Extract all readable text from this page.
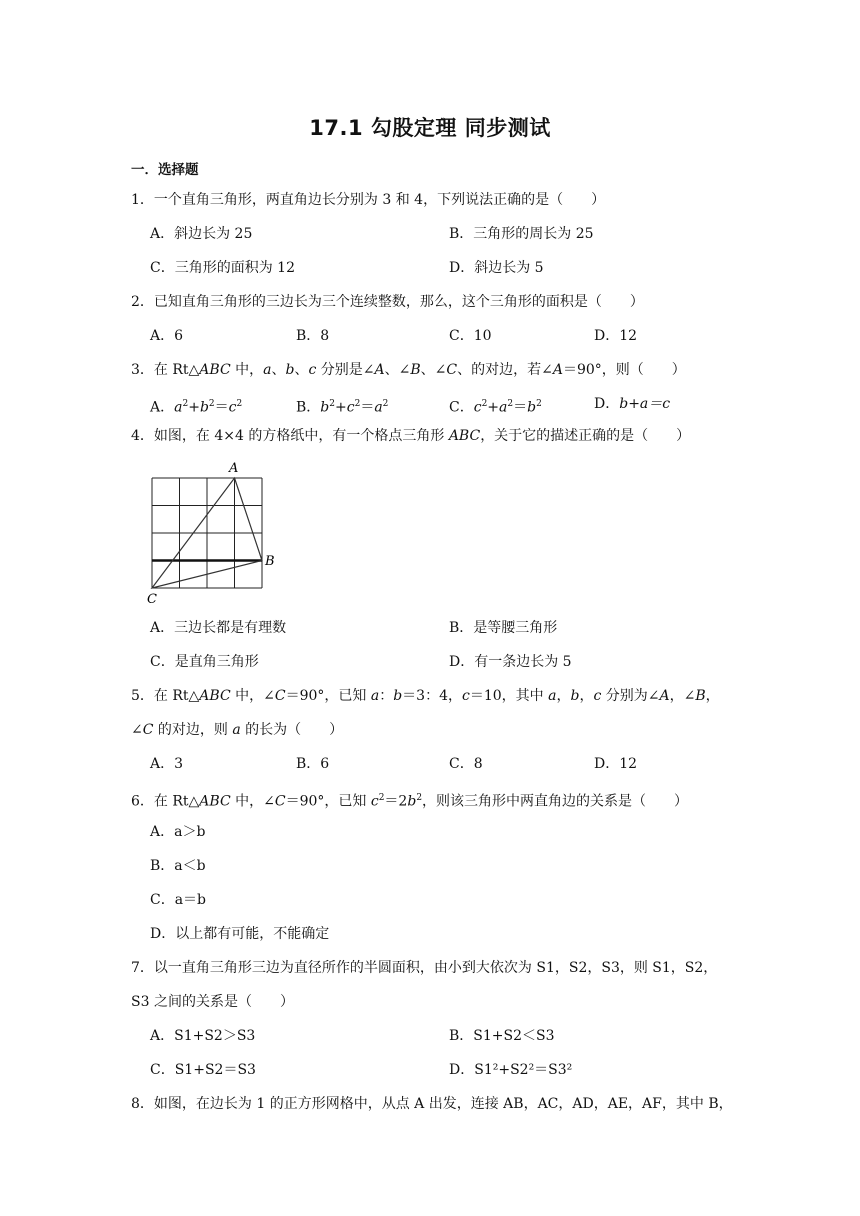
17.1 勾股定理 同步测试
一．选择题
1．一个直角三角形，两直角边长分别为 3 和 4，下列说法正确的是（　　）
A．斜边长为 25	B．三角形的周长为 25
C．三角形的面积为 12	D．斜边长为 5
2．已知直角三角形的三边长为三个连续整数，那么，这个三角形的面积是（　　）
A．6	B．8	C．10	D．12
3．在 Rt△ABC 中，a、b、c 分别是∠A、∠B、∠C、的对边，若∠A＝90°，则（　　）
A．$a^2+b^2=c^2$	B．$b^2+c^2=a^2$	C．$c^2+a^2=b^2$	D．b+a＝c
4．如图，在 4×4 的方格纸中，有一个格点三角形 ABC，关于它的描述正确的是（　　）
A
B
C
A．三边长都是有理数	B．是等腰三角形
C．是直角三角形	D．有一条边长为 5
5．在 Rt△ABC 中，∠C＝90°，已知 a：b＝3：4，c＝10，其中 a，b，c 分别为∠A，∠B，
∠C 的对边，则 a 的长为（　　）
A．3	B．6	C．8	D．12
6．在 Rt△ABC 中，∠C＝90°，已知 $c^2=2b^2$，则该三角形中两直角边的关系是（　　）
A．a＞b
B．a＜b
C．a＝b
D．以上都有可能，不能确定
7．以一直角三角形三边为直径所作的半圆面积，由小到大依次为 S1，S2，S3，则 S1，S2，
S3 之间的关系是（　　）
A．S1+S2＞S3	B．S1+S2＜S3
C．S1+S2＝S3	D．S1²+S2²＝S3²
8．如图，在边长为 1 的正方形网格中，从点 A 出发，连接 AB，AC，AD，AE，AF，其中 B，
